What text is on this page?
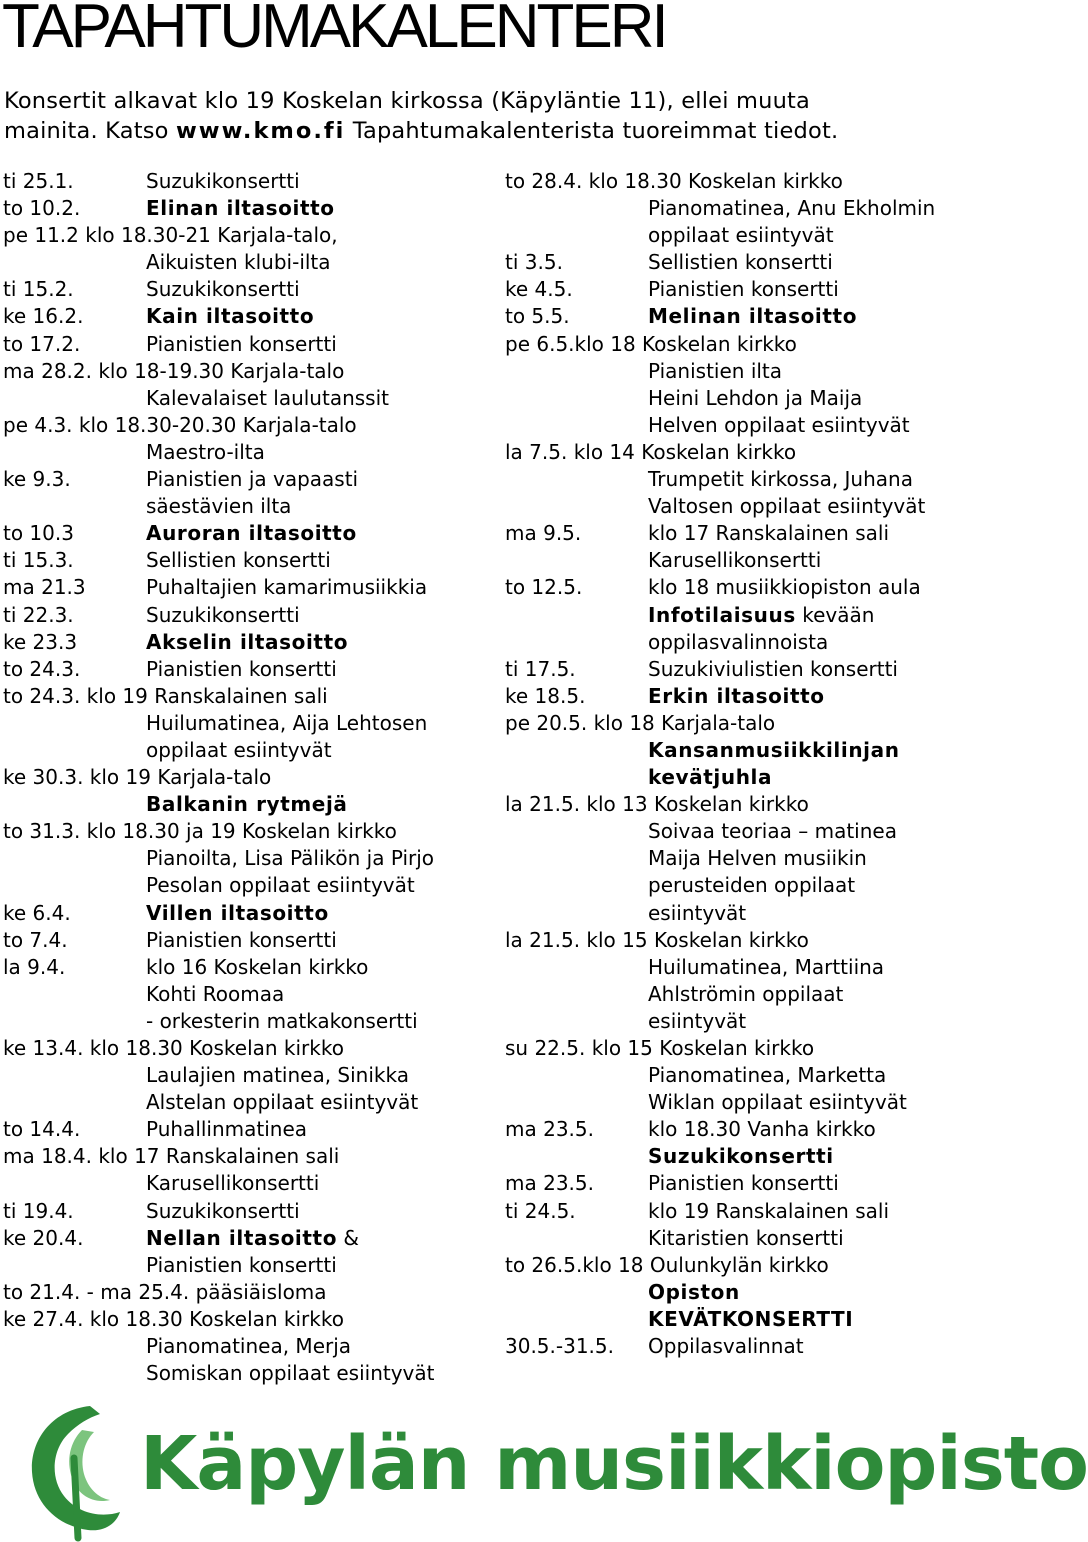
TAPAHTUMAKALENTERI
Konsertit alkavat klo 19 Koskelan kirkossa (Käpyläntie 11), ellei muuta
mainita. Katso www.kmo.fi Tapahtumakalenterista tuoreimmat tiedot.
ti 25.1.	Suzukikonsertti
to 10.2.	Elinan iltasoitto
pe 11.2 klo 18.30-21 Karjala-talo,
Aikuisten klubi-ilta
ti 15.2.	Suzukikonsertti
ke 16.2.	Kain iltasoitto
to 17.2.	Pianistien konsertti
ma 28.2. klo 18-19.30 Karjala-talo
Kalevalaiset laulutanssit
pe 4.3. klo 18.30-20.30 Karjala-talo
Maestro-ilta
ke 9.3.	Pianistien ja vapaasti
säestävien ilta
to 10.3	Auroran iltasoitto
ti 15.3.	Sellistien konsertti
ma 21.3	Puhaltajien kamarimusiikkia
ti 22.3.	Suzukikonsertti
ke 23.3	Akselin iltasoitto
to 24.3.	Pianistien konsertti
to 24.3. klo 19 Ranskalainen sali
Huilumatinea, Aija Lehtosen
oppilaat esiintyvät
ke 30.3. klo 19 Karjala-talo
Balkanin rytmejä
to 31.3. klo 18.30 ja 19 Koskelan kirkko
Pianoilta, Lisa Pälikön ja Pirjo
Pesolan oppilaat esiintyvät
ke 6.4.	Villen iltasoitto
to 7.4.	Pianistien konsertti
la 9.4.	klo 16 Koskelan kirkko
Kohti Roomaa
- orkesterin matkakonsertti
ke 13.4. klo 18.30 Koskelan kirkko
Laulajien matinea, Sinikka
Alstelan oppilaat esiintyvät
to 14.4.	Puhallinmatinea
ma 18.4. klo 17 Ranskalainen sali
Karusellikonsertti
ti 19.4.	Suzukikonsertti
ke 20.4.	Nellan iltasoitto &
Pianistien konsertti
to 21.4. - ma 25.4. pääsiäisloma
ke 27.4. klo 18.30 Koskelan kirkko
Pianomatinea, Merja
Somiskan oppilaat esiintyvät
to 28.4. klo 18.30 Koskelan kirkko
Pianomatinea, Anu Ekholmin
oppilaat esiintyvät
ti 3.5.	Sellistien konsertti
ke 4.5.	Pianistien konsertti
to 5.5.	Melinan iltasoitto
pe 6.5.klo 18 Koskelan kirkko
Pianistien ilta
Heini Lehdon ja Maija
Helven oppilaat esiintyvät
la 7.5. klo 14 Koskelan kirkko
Trumpetit kirkossa, Juhana
Valtosen oppilaat esiintyvät
ma 9.5.	klo 17 Ranskalainen sali
Karusellikonsertti
to 12.5.	klo 18 musiikkiopiston aula
Infotilaisuus kevään
oppilasvalinnoista
ti 17.5.	Suzukiviulistien konsertti
ke 18.5.	Erkin iltasoitto
pe 20.5. klo 18 Karjala-talo
Kansanmusiikkilinjan
kevätjuhla
la 21.5. klo 13 Koskelan kirkko
Soivaa teoriaa – matinea
Maija Helven musiikin
perusteiden oppilaat
esiintyvät
la 21.5. klo 15 Koskelan kirkko
Huilumatinea, Marttiina
Ahlströmin oppilaat
esiintyvät
su 22.5. klo 15 Koskelan kirkko
Pianomatinea, Marketta
Wiklan oppilaat esiintyvät
ma 23.5.	klo 18.30 Vanha kirkko
Suzukikonsertti
ma 23.5.	Pianistien konsertti
ti 24.5.	klo 19 Ranskalainen sali
Kitaristien konsertti
to 26.5.klo 18 Oulunkylän kirkko
Opiston
KEVÄTKONSERTTI
30.5.-31.5. Oppilasvalinnat
Käpylän musiikkiopisto
